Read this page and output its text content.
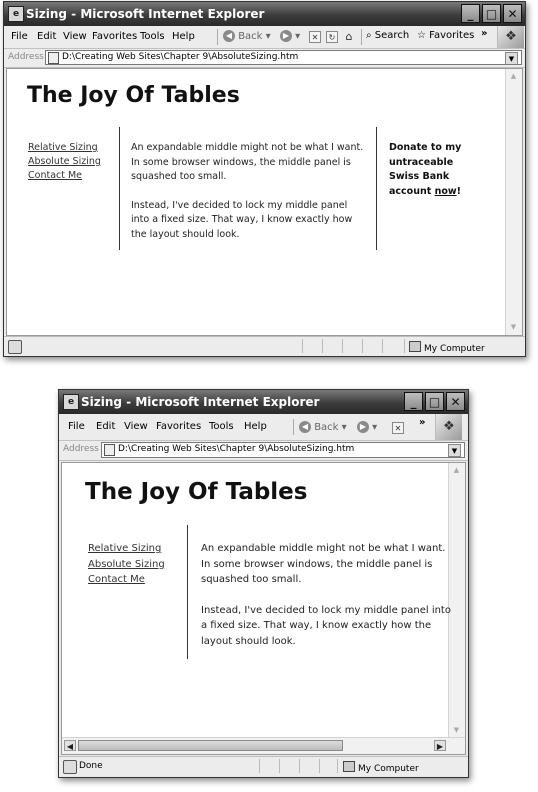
e Sizing - Microsoft Internet Explorer	_	□ ✕
File Edit View Favorites Tools Help	◀ Back ▾	▶ ▾	✕	↻ ⌂ ⌕ Search ☆ Favorites »	❖
Address	D:\Creating Web Sites\Chapter 9\AbsoluteSizing.htm	▼
▲
▼
The Joy Of Tables
Relative Sizing
Absolute Sizing
Contact Me

An expandable middle might not be what I want. In some browser windows, the middle panel is squashed too small.

Instead, I've decided to lock my middle panel into a fixed size. That way, I know exactly how the layout should look.

Donate to my untraceable Swiss Bank account now!
My Computer
e Sizing - Microsoft Internet Explorer	_	□ ✕
File Edit View Favorites Tools Help	◀ Back ▾	▶ ▾	✕
»	❖
Address	D:\Creating Web Sites\Chapter 9\AbsoluteSizing.htm	▼
▲
▼
◀	▶
The Joy Of Tables
Relative Sizing
Absolute Sizing
Contact Me

An expandable middle might not be what I want. In some browser windows, the middle panel is squashed too small.

Instead, I've decided to lock my middle panel into a fixed size. That way, I know exactly how the layout should look.

Done	My Computer
